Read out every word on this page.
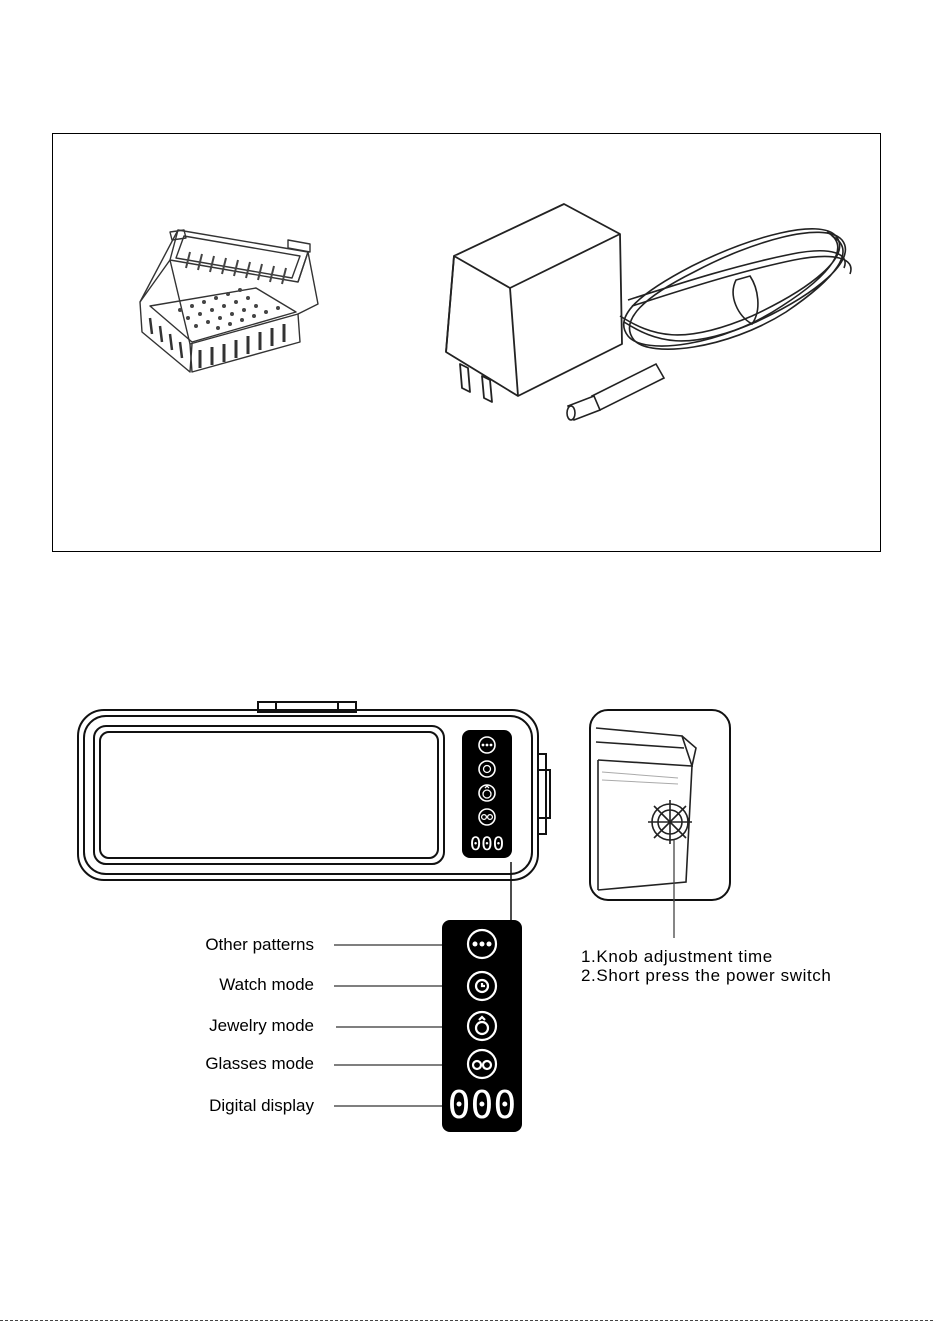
000
1.Knob adjustment time
2.Short press the power switch
000
Other patterns
Watch mode
Jewelry mode
Glasses mode
Digital display
